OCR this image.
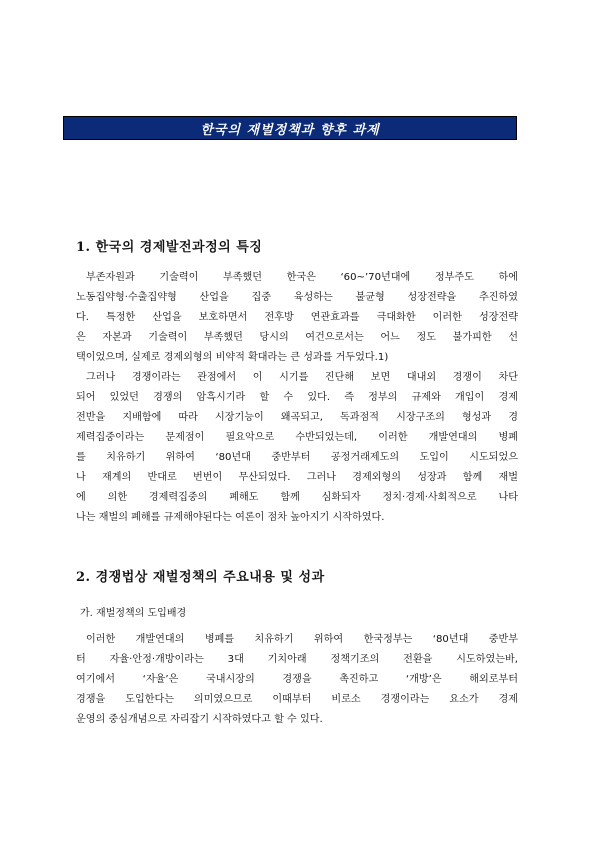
한국의 재벌정책과 향후 과제
1. 한국의 경제발전과정의 특징
부존자원과 기술력이 부족했던 한국은 ‘60~’70년대에 정부주도 하에
노동집약형·수출집약형 산업을 집중 육성하는 불균형 성장전략을 추진하였
다. 특정한 산업을 보호하면서 전후방 연관효과를 극대화한 이러한 성장전략
은 자본과 기술력이 부족했던 당시의 여건으로서는 어느 정도 불가피한 선
택이었으며, 실제로 경제외형의 비약적 확대라는 큰 성과를 거두었다.1)
그러나 경쟁이라는 관점에서 이 시기를 진단해 보면 대내외 경쟁이 차단
되어 있었던 경쟁의 암흑시기라 할 수 있다. 즉 정부의 규제와 개입이 경제
전반을 지배함에 따라 시장기능이 왜곡되고, 독과점적 시장구조의 형성과 경
제력집중이라는 문제점이 필요악으로 수반되었는데, 이러한 개발연대의 병폐
를 치유하기 위하여 ‘80년대 중반부터 공정거래제도의 도입이 시도되었으
나 재계의 반대로 번번이 무산되었다. 그러나 경제외형의 성장과 함께 재벌
에 의한 경제력집중의 폐해도 함께 심화되자 정치·경제·사회적으로 나타
나는 재벌의 폐해를 규제해야된다는 여론이 점차 높아지기 시작하였다.
2. 경쟁법상 재벌정책의 주요내용 및 성과
가. 재벌정책의 도입배경
이러한 개발연대의 병폐를 치유하기 위하여 한국정부는 ‘80년대 중반부
터 자율·안정·개방이라는 3대 기치아래 정책기조의 전환을 시도하였는바,
여기에서 ‘자율’은 국내시장의 경쟁을 촉진하고 ‘개방’은 해외로부터
경쟁을 도입한다는 의미였으므로 이때부터 비로소 경쟁이라는 요소가 경제
운영의 중심개념으로 자리잡기 시작하였다고 할 수 있다.
